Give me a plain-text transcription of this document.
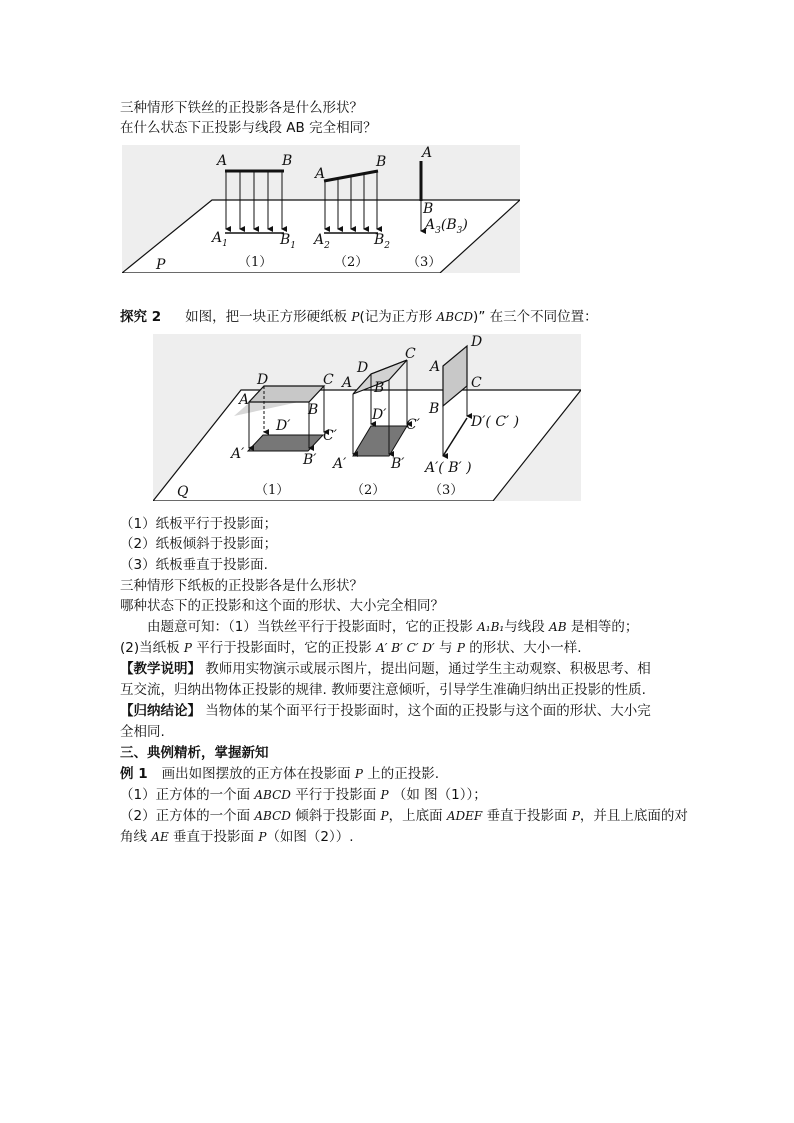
三种情形下铁丝的正投影各是什么形状？
在什么状态下正投影与线段 AB 完全相同？
A	B
$A_1$	$B_1$
（1）
A
B
$A_2$	$B_2$
（2）
A
B
$A_3(B_3)$
（3）
P
探究 2 如图，把一块正方形硬纸板 P(记为正方形 ABCD)” 在三个不同位置：
D	C
A
B
D′
C′
A′	B′
（1）
D
C
A B
D′
C′
A′	B′
（2）
D
A
C
B
D′( C′ )
A′( B′ )
（3）
Q
（1）纸板平行于投影面；
（2）纸板倾斜于投影面；
（3）纸板垂直于投影面.
三种情形下纸板的正投影各是什么形状？
哪种状态下的正投影和这个面的形状、大小完全相同？
由题意可知：（1）当铁丝平行于投影面时，它的正投影 A₁B₁与线段 AB 是相等的；
(2)当纸板 P 平行于投影面时，它的正投影 A′ B′ C′ D′ 与 P 的形状、大小一样.
【教学说明】 教师用实物演示或展示图片，提出问题，通过学生主动观察、积极思考、相
互交流，归纳出物体正投影的规律. 教师要注意倾听，引导学生准确归纳出正投影的性质.
【归纳结论】 当物体的某个面平行于投影面时，这个面的正投影与这个面的形状、大小完
全相同.
三、典例精析，掌握新知
例 1 画出如图摆放的正方体在投影面 P 上的正投影.
（1）正方体的一个面 ABCD 平行于投影面 P （如 图（1））；
（2）正方体的一个面 ABCD 倾斜于投影面 P，上底面 ADEF 垂直于投影面 P，并且上底面的对
角线 AE 垂直于投影面 P（如图（2））.
